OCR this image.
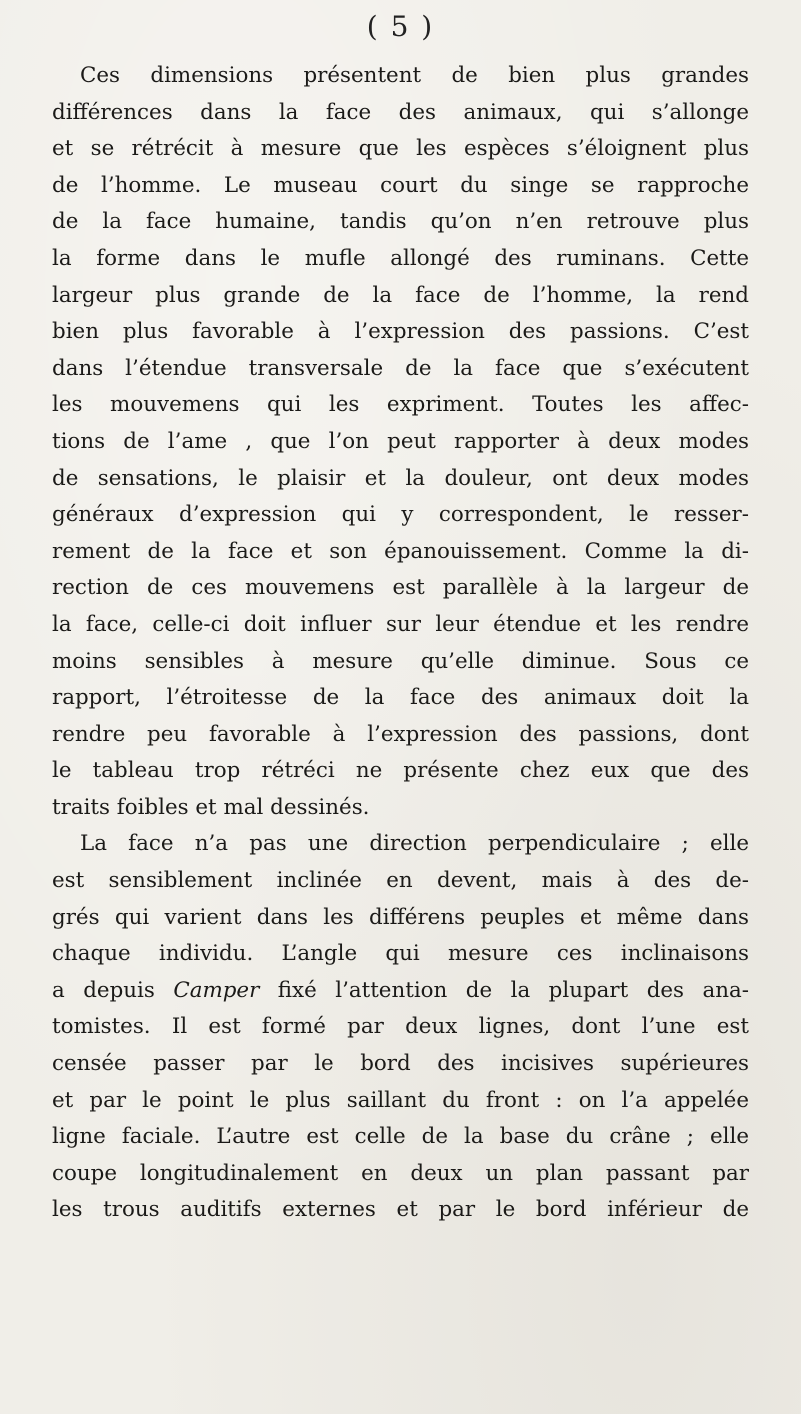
( 5 )
Ces dimensions présentent de bien plus grandes
différences dans la face des animaux, qui s’allonge
et se rétrécit à mesure que les espèces s’éloignent plus
de l’homme. Le museau court du singe se rapproche
de la face humaine, tandis qu’on n’en retrouve plus
la forme dans le mufle allongé des ruminans. Cette
largeur plus grande de la face de l’homme, la rend
bien plus favorable à l’expression des passions. C’est
dans l’étendue transversale de la face que s’exécutent
les mouvemens qui les expriment. Toutes les affec-
tions de l’ame , que l’on peut rapporter à deux modes
de sensations, le plaisir et la douleur, ont deux modes
généraux d’expression qui y correspondent, le resser-
rement de la face et son épanouissement. Comme la di-
rection de ces mouvemens est parallèle à la largeur de
la face, celle-ci doit influer sur leur étendue et les rendre
moins sensibles à mesure qu’elle diminue. Sous ce
rapport, l’étroitesse de la face des animaux doit la
rendre peu favorable à l’expression des passions, dont
le tableau trop rétréci ne présente chez eux que des
traits foibles et mal dessinés.
La face n’a pas une direction perpendiculaire ; elle
est sensiblement inclinée en devent, mais à des de-
grés qui varient dans les différens peuples et même dans
chaque individu. L’angle qui mesure ces inclinaisons
a depuis Camper fixé l’attention de la plupart des ana-
tomistes. Il est formé par deux lignes, dont l’une est
censée passer par le bord des incisives supérieures
et par le point le plus saillant du front : on l’a appelée
ligne faciale. L’autre est celle de la base du crâne ; elle
coupe longitudinalement en deux un plan passant par
les trous auditifs externes et par le bord inférieur de
